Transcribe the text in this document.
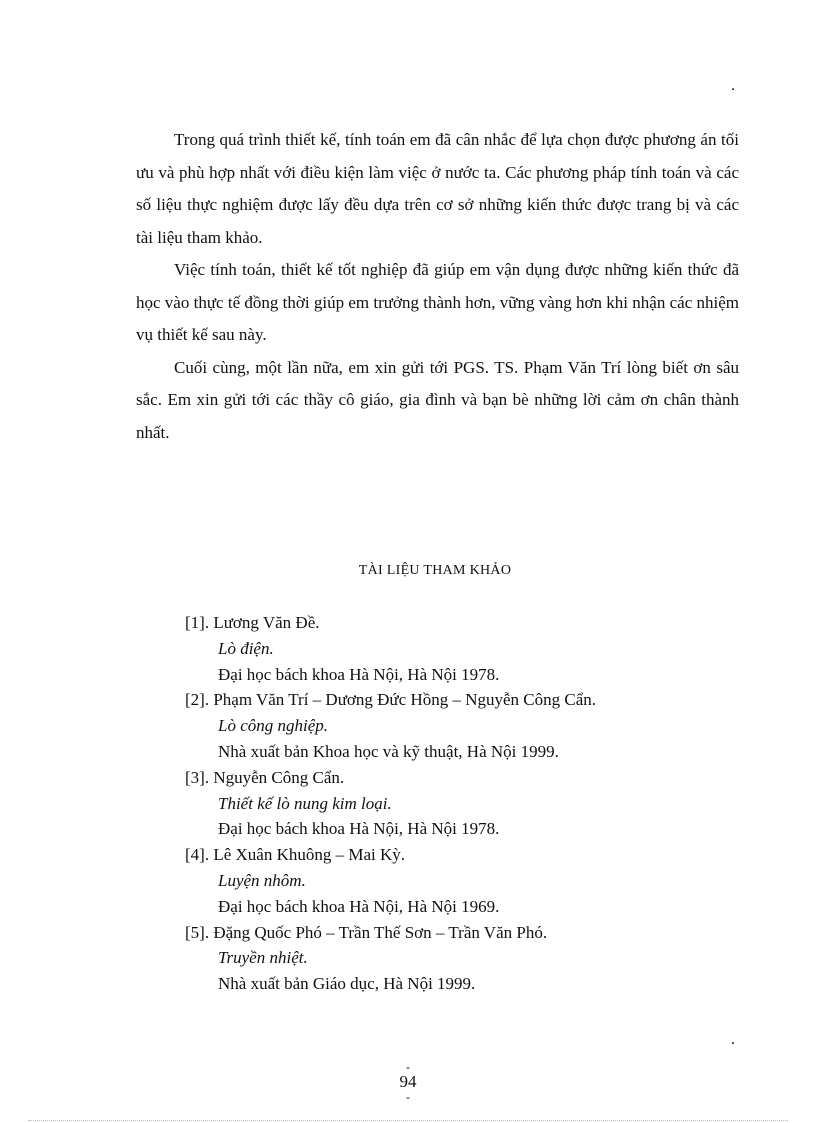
.

Trong quá trình thiết kế, tính toán em đã cân nhắc để lựa chọn được phương án tối ưu và phù hợp nhất với điều kiện làm việc ở nước ta. Các phương pháp tính toán và các số liệu thực nghiệm được lấy đều dựa trên cơ sở những kiến thức được trang bị và các tài liệu tham khảo.

Việc tính toán, thiết kế tốt nghiệp đã giúp em vận dụng được những kiến thức đã học vào thực tế đồng thời giúp em trưởng thành hơn, vững vàng hơn khi nhận các nhiệm vụ thiết kế sau này.

Cuối cùng, một lần nữa, em xin gửi tới PGS. TS. Phạm Văn Trí lòng biết ơn sâu sắc. Em xin gửi tới các thầy cô giáo, gia đình và bạn bè những lời cảm ơn chân thành nhất.

TÀI LIỆU THAM KHẢO
[1]. Lương Văn Đề.
Lò điện.
Đại học bách khoa Hà Nội, Hà Nội 1978.
[2]. Phạm Văn Trí – Dương Đức Hồng – Nguyễn Công Cẩn.
Lò công nghiệp.
Nhà xuất bản Khoa học và kỹ thuật, Hà Nội 1999.
[3]. Nguyễn Công Cẩn.
Thiết kế lò nung kim loại.
Đại học bách khoa Hà Nội, Hà Nội 1978.
[4]. Lê Xuân Khuông – Mai Kỳ.
Luyện nhôm.
Đại học bách khoa Hà Nội, Hà Nội 1969.
[5]. Đặng Quốc Phó – Trần Thế Sơn – Trần Văn Phó.
Truyền nhiệt.
Nhà xuất bản Giáo dục, Hà Nội 1999.
.
-
94
-
